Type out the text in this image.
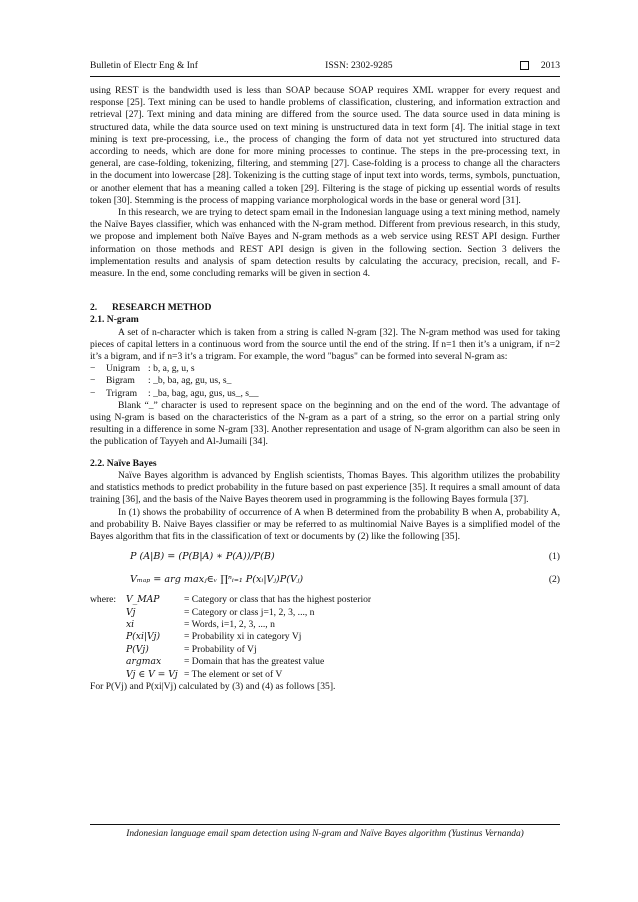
Bulletin of Electr Eng & Inf	ISSN: 2302-9285	2013

using REST is the bandwidth used is less than SOAP because SOAP requires XML wrapper for every request and response [25]. Text mining can be used to handle problems of classification, clustering, and information extraction and retrieval [27]. Text mining and data mining are differed from the source used. The data source used in data mining is structured data, while the data source used on text mining is unstructured data in text form [4]. The initial stage in text mining is text pre-processing, i.e., the process of changing the form of data not yet structured into structured data according to needs, which are done for more mining processes to continue. The steps in the pre-processing text, in general, are case-folding, tokenizing, filtering, and stemming [27]. Case-folding is a process to change all the characters in the document into lowercase [28]. Tokenizing is the cutting stage of input text into words, terms, symbols, punctuation, or another element that has a meaning called a token [29]. Filtering is the stage of picking up essential words of results token [30]. Stemming is the process of mapping variance morphological words in the base or general word [31].

In this research, we are trying to detect spam email in the Indonesian language using a text mining method, namely the Naïve Bayes classifier, which was enhanced with the N-gram method. Different from previous research, in this study, we propose and implement both Naïve Bayes and N-gram methods as a web service using REST API design. Further information on those methods and REST API design is given in the following section. Section 3 delivers the implementation results and analysis of spam detection results by calculating the accuracy, precision, recall, and F-measure. In the end, some concluding remarks will be given in section 4.

2. RESEARCH METHOD
2.1. N-gram

A set of n-character which is taken from a string is called N-gram [32]. The N-gram method was used for taking pieces of capital letters in a continuous word from the source until the end of the string. If n=1 then it’s a unigram, if n=2 it’s a bigram, and if n=3 it’s a trigram. For example, the word "bagus" can be formed into several N-gram as:

−	Unigram : b, a, g, u, s
−	Bigram	: _b, ba, ag, gu, us, s_
−	Trigram	: _ba, bag, agu, gus, us_, s__

Blank “_” character is used to represent space on the beginning and on the end of the word. The advantage of using N-gram is based on the characteristics of the N-gram as a part of a string, so the error on a partial string only resulting in a difference in some N-gram [33]. Another representation and usage of N-gram algorithm can also be seen in the publication of Tayyeh and Al-Jumaili [34].

2.2. Naïve Bayes

Naïve Bayes algorithm is advanced by English scientists, Thomas Bayes. This algorithm utilizes the probability and statistics methods to predict probability in the future based on past experience [35]. It requires a small amount of data training [36], and the basis of the Naive Bayes theorem used in programming is the following Bayes formula [37].

In (1) shows the probability of occurrence of A when B determined from the probability B when A, probability A, and probability B. Naive Bayes classifier or may be referred to as multinomial Naive Bayes is a simplified model of the Bayes algorithm that fits in the classification of text or documents by (2) like the following [35].

P (A|B) = (P(B|A) ∗ P(A))/P(B)	(1)
Vₘₐₚ = arg maxⱼ∈ᵥ ∏ⁿᵢ₌₁ P(xᵢ|Vⱼ)P(Vⱼ)	(2)
where:	V_MAP	= Category or class that has the highest posterior
Vj	= Category or class j=1, 2, 3, ..., n
xi	= Words, i=1, 2, 3, ..., n
P(xi|Vj)	= Probability xi in category Vj
P(Vj)	= Probability of Vj
argmax	= Domain that has the greatest value
Vj ∈ V = Vj = The element or set of V

For P(Vj) and P(xi|Vj) calculated by (3) and (4) as follows [35].

Indonesian language email spam detection using N-gram and Naïve Bayes algorithm (Yustinus Vernanda)
